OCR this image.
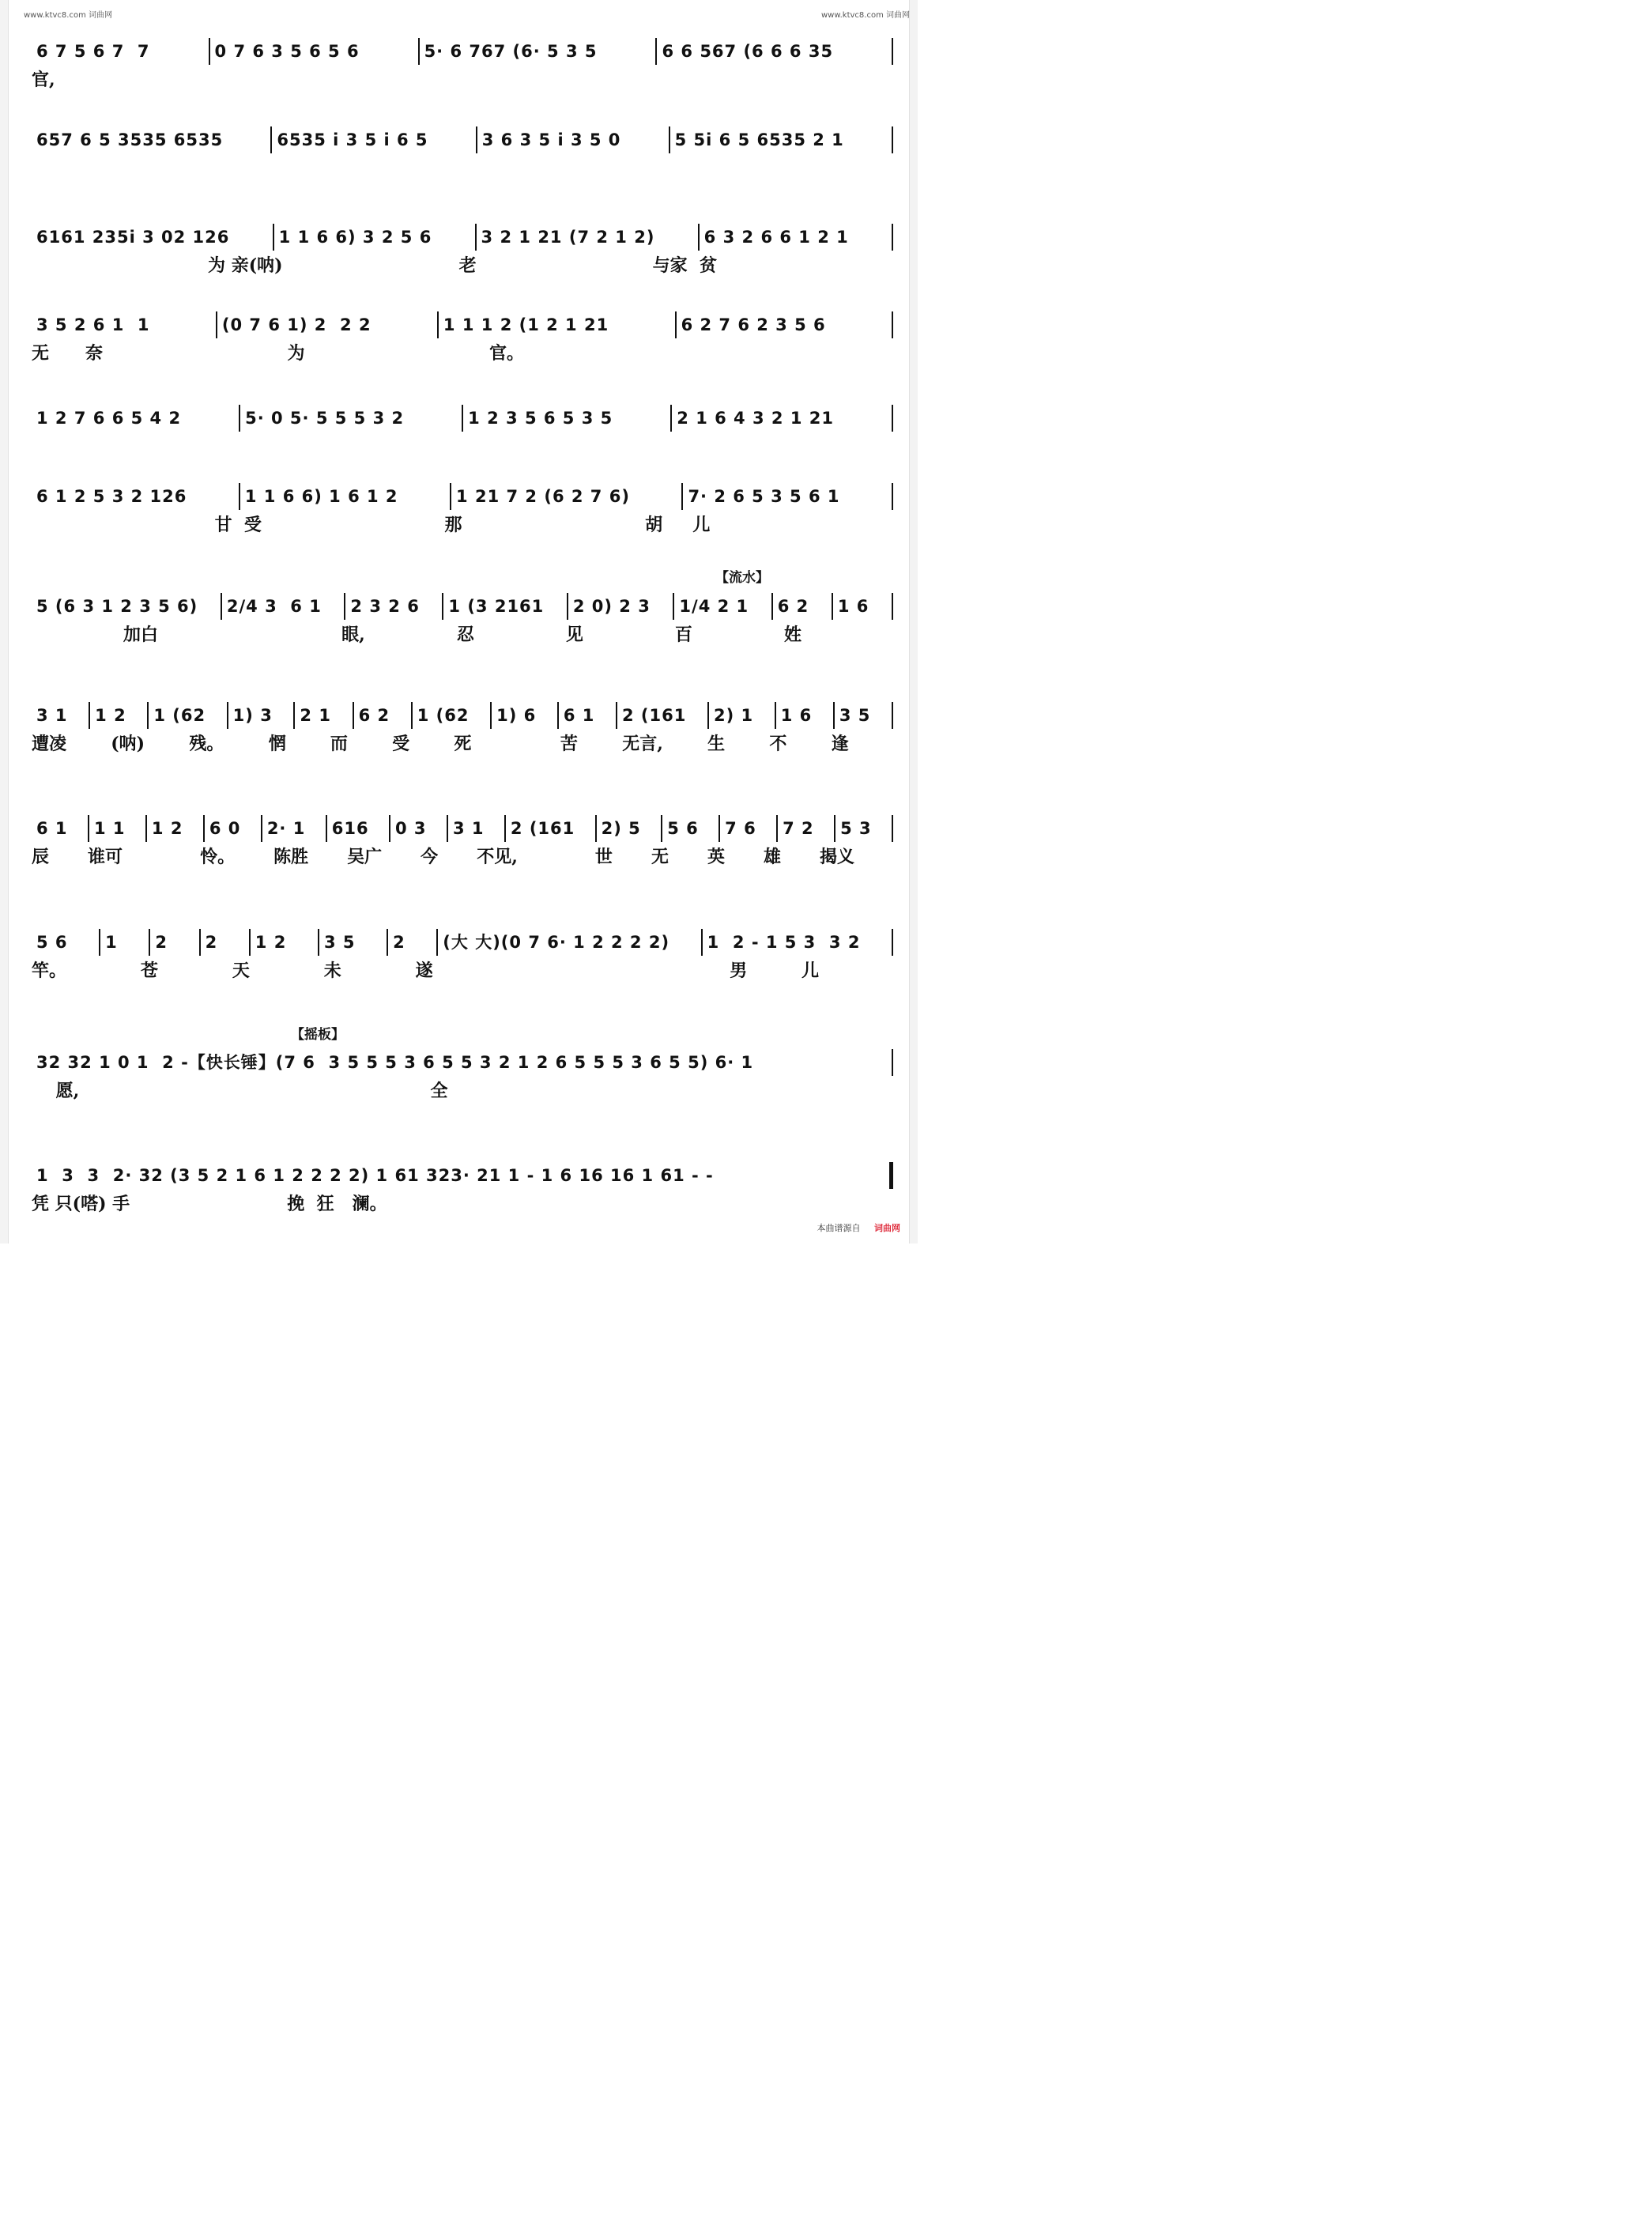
www.ktvc8.com 词曲网	www.ktvc8.com 词曲网
6 7 5 6 7  7	0 7 6 3 5 6 5 6	5· 6 767 (6· 5 3 5	6 6 567 (6 6 6 35
官,
657 6 5 3535 6535	6535 i 3 5 i 6 5	3 6 3 5 i 3 5 0	5 5i 6 5 6535 2 1
6161 235i 3 02 126	1 1 6 6) 3 2 5 6	3 2 1 21 (7 2 1 2)	6 3 2 6 6 1 2 1
为 亲(呐)	老	与家  贫
3 5 2 6 1  1	(0 7 6 1) 2  2 2	1 1 1 2 (1 2 1 21	6 2 7 6 2 3 5 6
无      奈	为	官。
1 2 7 6 6 5 4 2	5· 0 5· 5 5 5 3 2	1 2 3 5 6 5 3 5	2 1 6 4 3 2 1 21
6 1 2 5 3 2 126	1 1 6 6) 1 6 1 2	1 21 7 2 (6 2 7 6)	7· 2 6 5 3 5 6 1
甘  受	那	胡     儿
5 (6 3 1 2 3 5 6)	2/4 3  6 1	2 3 2 6	1 (3 2161	2 0) 2 3	1/4 2 1	6 2	1 6
加白	眼,	忍	见	百	姓
3 1	1 2	1 (62	1) 3	2 1	6 2	1 (62	1) 6	6 1	2 (161	2) 1	1 6	3 5
遭凌	(呐)	残。	惘	而	受	死	苦	无言,	生	不	逢
6 1	1 1	1 2	6 0	2· 1	616	0 3	3 1	2 (161	2) 5	5 6	7 6	7 2	5 3
辰	谁可	怜。	陈胜	吴广	今	不见,	世	无	英	雄	揭义
5 6	1	2	2	1 2	3 5	2	(大 大)(0 7 6· 1 2 2 2 2)	1  2 - 1 5 3  3 2
竿。	苍	天	未	遂	男         儿
32 32 1 0 1  2 -【快长锤】(7 6  3 5 5 5 3 6 5 5 3 2 1 2 6 5 5 5 3 6 5 5) 6· 1
愿,                                                          全
1  3  3  2· 32 (3 5 2 1 6 1 2 2 2 2) 1 61 323· 21 1 - 1 6 16 16 1 61 - -
凭 只(嗒) 手                          挽  狂   澜。
【流水】
【摇板】
本曲谱源自 词曲网
